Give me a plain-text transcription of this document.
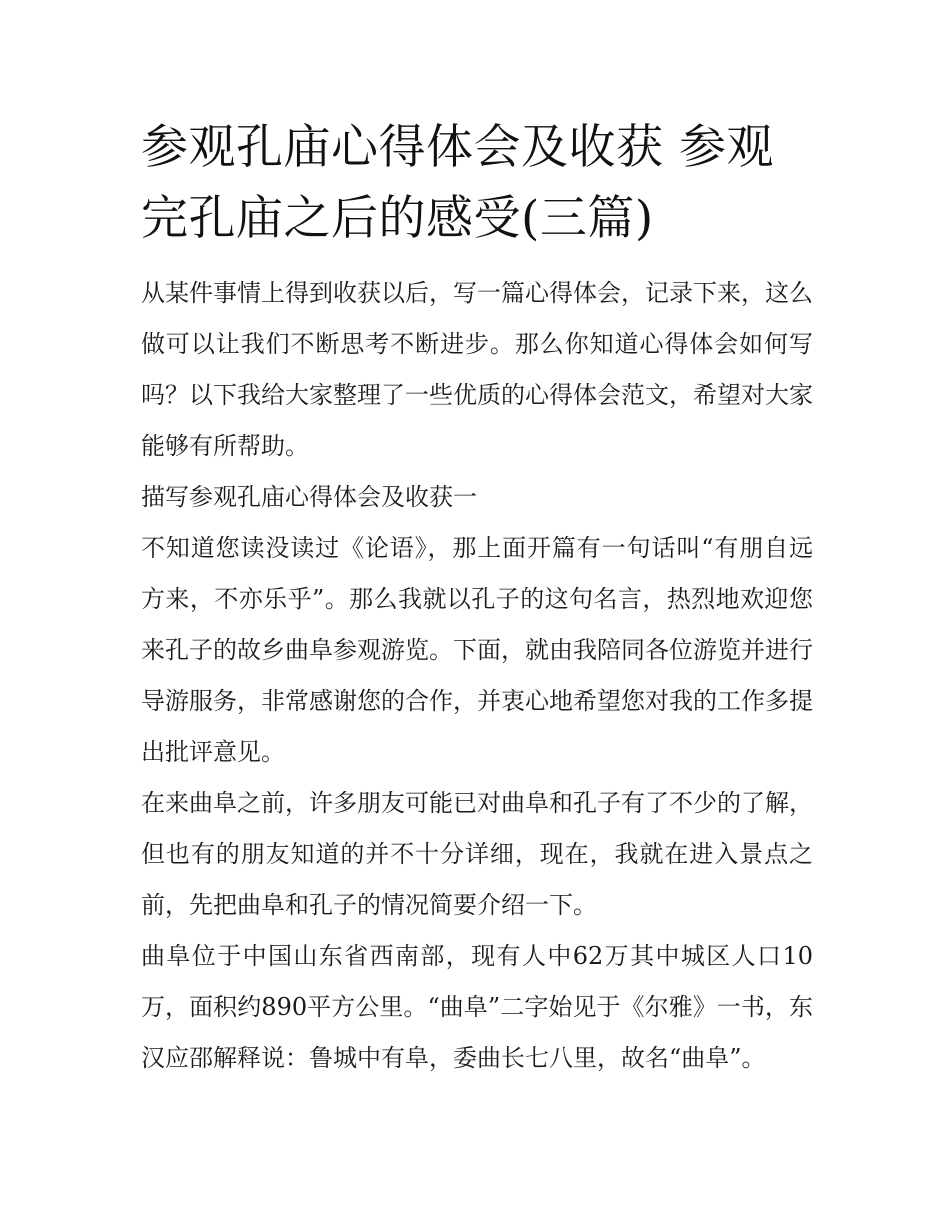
参观孔庙心得体会及收获 参观完孔庙之后的感受(三篇)

从某件事情上得到收获以后，写一篇心得体会，记录下来，这么做可以让我们不断思考不断进步。那么你知道心得体会如何写吗？以下我给大家整理了一些优质的心得体会范文，希望对大家能够有所帮助。

描写参观孔庙心得体会及收获一

不知道您读没读过《论语》，那上面开篇有一句话叫“有朋自远方来，不亦乐乎”。那么我就以孔子的这句名言，热烈地欢迎您来孔子的故乡曲阜参观游览。下面，就由我陪同各位游览并进行导游服务，非常感谢您的合作，并衷心地希望您对我的工作多提出批评意见。

在来曲阜之前，许多朋友可能已对曲阜和孔子有了不少的了解，但也有的朋友知道的并不十分详细，现在，我就在进入景点之前，先把曲阜和孔子的情况简要介绍一下。

曲阜位于中国山东省西南部，现有人中62万其中城区人口10万，面积约890平方公里。“曲阜”二字始见于《尔雅》一书，东汉应邵解释说：鲁城中有阜，委曲长七八里，故名“曲阜”。
